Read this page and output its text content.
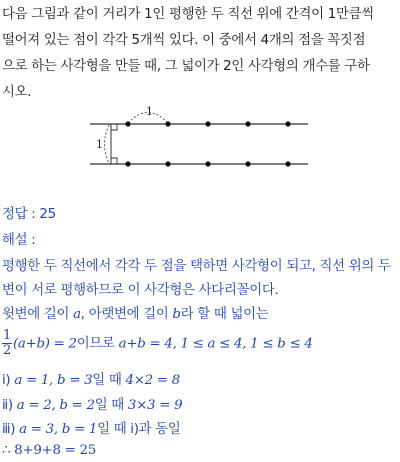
다음 그림과 같이 거리가 1인 평행한 두 직선 위에 간격이 1만큼씩
떨어져 있는 점이 각각 5개씩 있다. 이 중에서 4개의 점을 꼭짓점
으로 하는 사각형을 만들 때, 그 넓이가 2인 사각형의 개수를 구하
시오.
1
1
정답 : 25
해설 :
평행한 두 직선에서 각각 두 점을 택하면 사각형이 되고, 직선 위의 두
변이 서로 평행하므로 이 사각형은 사다리꼴이다.
윗변에 길이 a, 아랫변에 길이 b라 할 때 넓이는
$\frac{1}{2} (a+b) = 2$이므로 a+b = 4, 1 ≤ a ≤ 4, 1 ≤ b ≤ 4
ⅰ) a = 1, b = 3일 때 4×2 = 8
ⅱ) a = 2, b = 2일 때 3×3 = 9
ⅲ) a = 3, b = 1일 때 ⅰ)과 동일
∴ 8+9+8 = 25
